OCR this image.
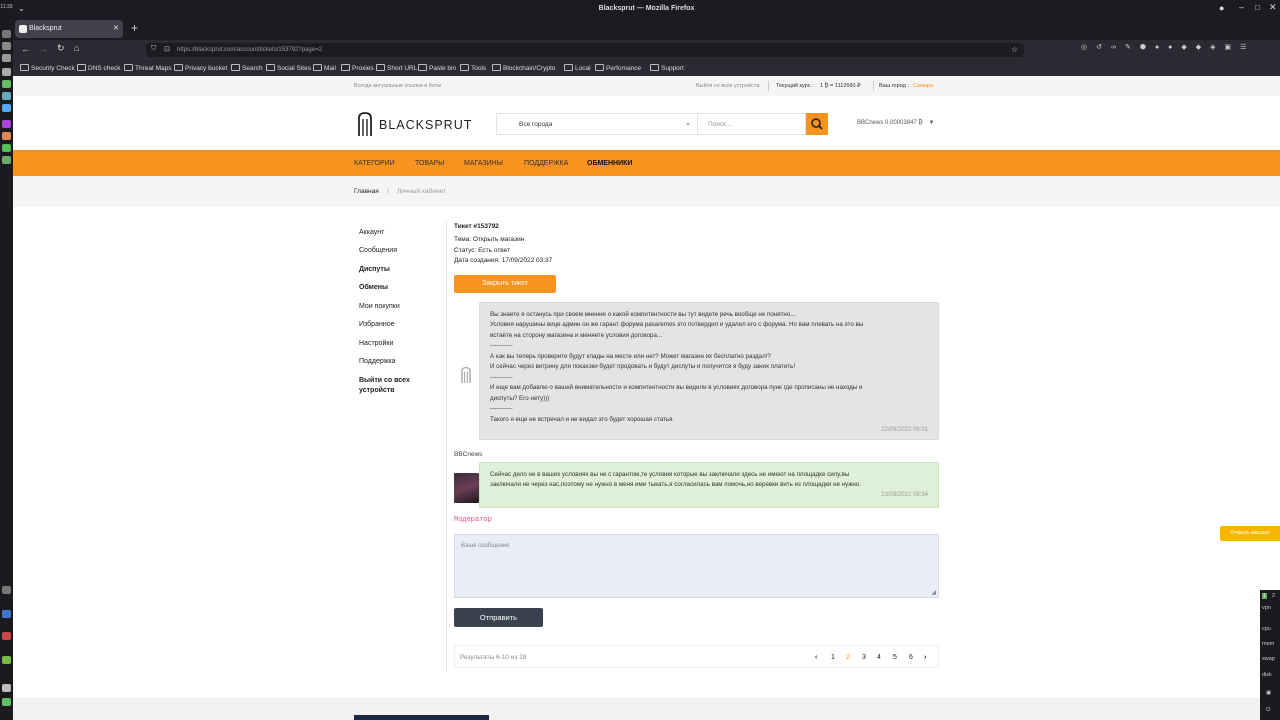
11:33 ⌄	Blacksprut — Mozilla Firefox	● – □ ✕
+
Blacksprut	✕
← → ↻ ⌂	◎↺∞✎⬢●●◆◆◈▣☰
⛉ ⊡ https://blacksprut.com/account/tickets/153792?page=2	☆
Security Check	DNS check	Threat Maps	Privacy bucket	Search	Social Sites	Mail	Proxies	Short URL	Paste bin	Tools	Blockchain/Crypto	Local	Perfomance	Support
Всегда актуальные ссылки и боты	Выйти со всех устройств	Текущий курс : 1 ₿ = 1112680 ₽	Ваш город : Самара
BLACKSPRUT	Все города	⌄	Поиск ...	BBCnews 0.00003847 ₿ ▼
КАТЕГОРИИ	ТОВАРЫ	МАГАЗИНЫ	ПОДДЕРЖКА	ОБМЕННИКИ
Главная / Личный кабинет
Аккаунт
Сообщения
Диспуты
Обмены
Мои покупки
Избранное
Настройки
Поддержка
Выйти со всех
устройств
Тикет #153792
Тема: Открыть магазин
Статус: Есть ответ
Дата создания: 17/09/2022 03:37
Закрыть тикет
Вы знаете я останусь при своем мнение о какой компитентности вы тут видете речь вообще не понятно...
Условия нарушины вице админ он же гарант форума pasaremos это потвердил и удалил его с форума. Но вам плевать на это вы
встаёте на сторону магазина и меняете условия договора...
-----------
А как вы теперь проверите будут клады на месте или нет? Может магазин их бесплатно раздал!?
И сейчас через витрину для покахзки будет продовать и будут диспуты и получится я буду заних платить!
-----------
И еще вам добавлю о вашей внимательности и компитентности вы видили в условиях договора пунк где прописаны не находы и
диспуты? Его нету)))
-----------
Такого я еще не встречал и не видал это будет хорошая статья.
22/09/2022 06:01
BBCnews
Сейчас дело не в ваших условиях вы не с гарантом,те условия которые вы заключали здесь не имеют на площадке силу,вы
заключали не через нас,поэтому не нужно в меня ими тыкать,я согласилась вам помочь,но веревки вить из площадки не нужно.
23/09/2022 09:34
Модератор
Ваше сообщение
◢
Отправить
Результаты 6-10 из 28	‹ 1 2 3 4 5 6 ›
Открыть магазин
1 2
vpn
cpu
mem
swap
disk
▣
⏻
